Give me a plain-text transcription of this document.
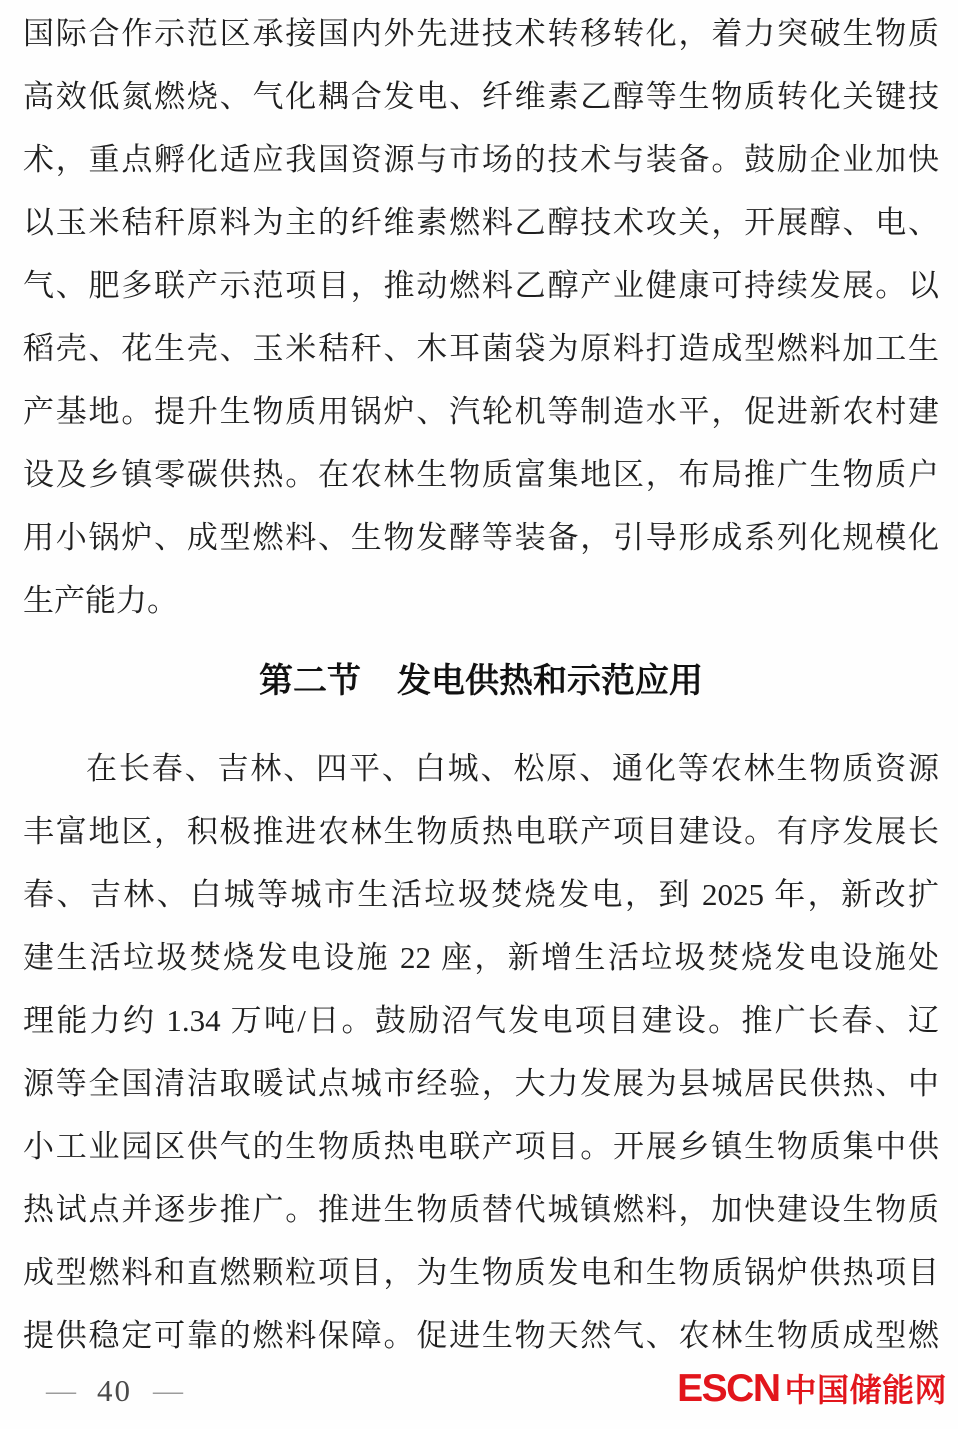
国际合作示范区承接国内外先进技术转移转化，着力突破生物质
高效低氮燃烧、气化耦合发电、纤维素乙醇等生物质转化关键技
术，重点孵化适应我国资源与市场的技术与装备。鼓励企业加快
以玉米秸秆原料为主的纤维素燃料乙醇技术攻关，开展醇、电、
气、肥多联产示范项目，推动燃料乙醇产业健康可持续发展。以
稻壳、花生壳、玉米秸秆、木耳菌袋为原料打造成型燃料加工生
产基地。提升生物质用锅炉、汽轮机等制造水平，促进新农村建
设及乡镇零碳供热。在农林生物质富集地区，布局推广生物质户
用小锅炉、成型燃料、生物发酵等装备，引导形成系列化规模化
生产能力。
第二节 发电供热和示范应用
在长春、吉林、四平、白城、松原、通化等农林生物质资源
丰富地区，积极推进农林生物质热电联产项目建设。有序发展长
春、吉林、白城等城市生活垃圾焚烧发电，到 2025 年，新改扩
建生活垃圾焚烧发电设施 22 座，新增生活垃圾焚烧发电设施处
理能力约 1.34 万吨/日。鼓励沼气发电项目建设。推广长春、辽
源等全国清洁取暖试点城市经验，大力发展为县城居民供热、中
小工业园区供气的生物质热电联产项目。开展乡镇生物质集中供
热试点并逐步推广。推进生物质替代城镇燃料，加快建设生物质
成型燃料和直燃颗粒项目，为生物质发电和生物质锅炉供热项目
提供稳定可靠的燃料保障。促进生物天然气、农林生物质成型燃
— 40 —	ESCN 中国储能网
